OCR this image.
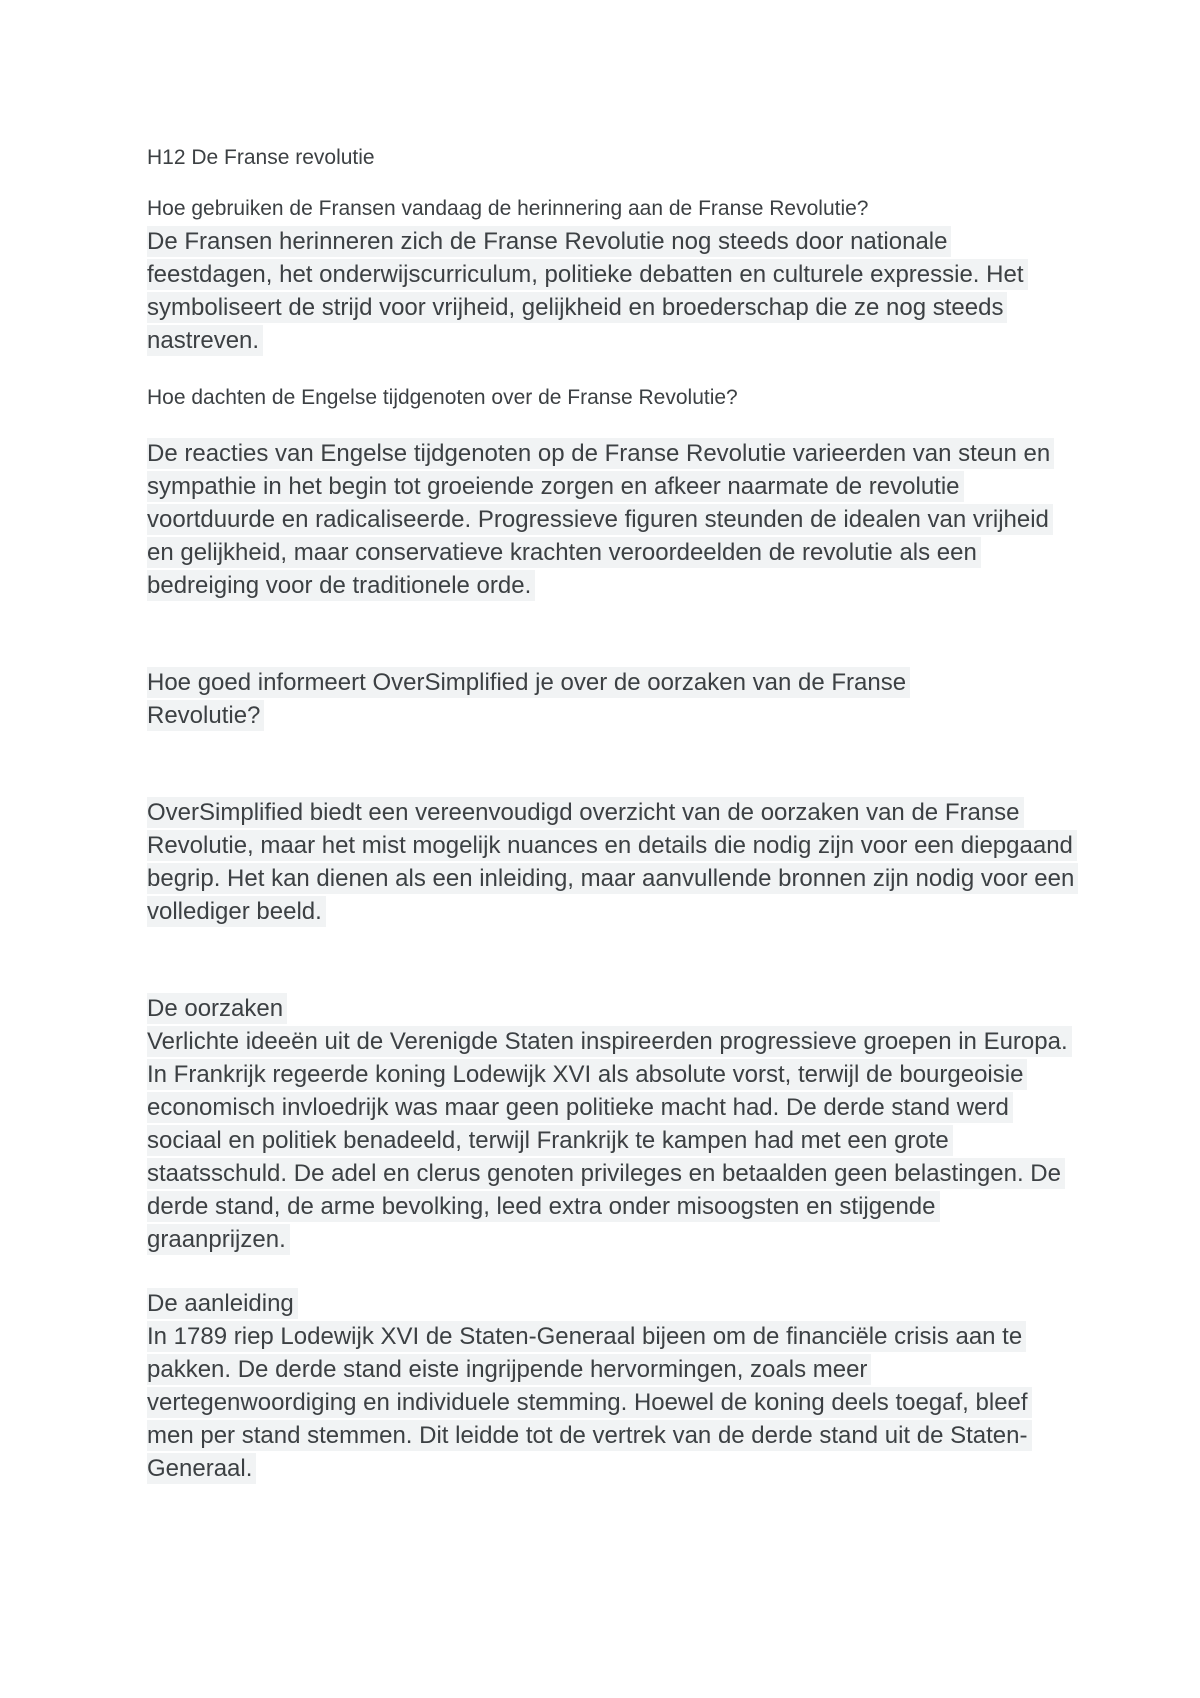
H12 De Franse revolutie

Hoe gebruiken de Fransen vandaag de herinnering aan de Franse Revolutie?

De Fransen herinneren zich de Franse Revolutie nog steeds door nationale feestdagen, het onderwijscurriculum, politieke debatten en culturele expressie. Het symboliseert de strijd voor vrijheid, gelijkheid en broederschap die ze nog steeds nastreven.

Hoe dachten de Engelse tijdgenoten over de Franse Revolutie?

De reacties van Engelse tijdgenoten op de Franse Revolutie varieerden van steun en sympathie in het begin tot groeiende zorgen en afkeer naarmate de revolutie voortduurde en radicaliseerde. Progressieve figuren steunden de idealen van vrijheid en gelijkheid, maar conservatieve krachten veroordeelden de revolutie als een bedreiging voor de traditionele orde.

Hoe goed informeert OverSimplified je over de oorzaken van de Franse Revolutie?

OverSimplified biedt een vereenvoudigd overzicht van de oorzaken van de Franse Revolutie, maar het mist mogelijk nuances en details die nodig zijn voor een diepgaand begrip. Het kan dienen als een inleiding, maar aanvullende bronnen zijn nodig voor een vollediger beeld.

De oorzaken

Verlichte ideeën uit de Verenigde Staten inspireerden progressieve groepen in Europa. In Frankrijk regeerde koning Lodewijk XVI als absolute vorst, terwijl de bourgeoisie economisch invloedrijk was maar geen politieke macht had. De derde stand werd sociaal en politiek benadeeld, terwijl Frankrijk te kampen had met een grote staatsschuld. De adel en clerus genoten privileges en betaalden geen belastingen. De derde stand, de arme bevolking, leed extra onder misoogsten en stijgende graanprijzen.

De aanleiding

In 1789 riep Lodewijk XVI de Staten-Generaal bijeen om de financiële crisis aan te pakken. De derde stand eiste ingrijpende hervormingen, zoals meer vertegenwoordiging en individuele stemming. Hoewel de koning deels toegaf, bleef men per stand stemmen. Dit leidde tot de vertrek van de derde stand uit de Staten-Generaal.
